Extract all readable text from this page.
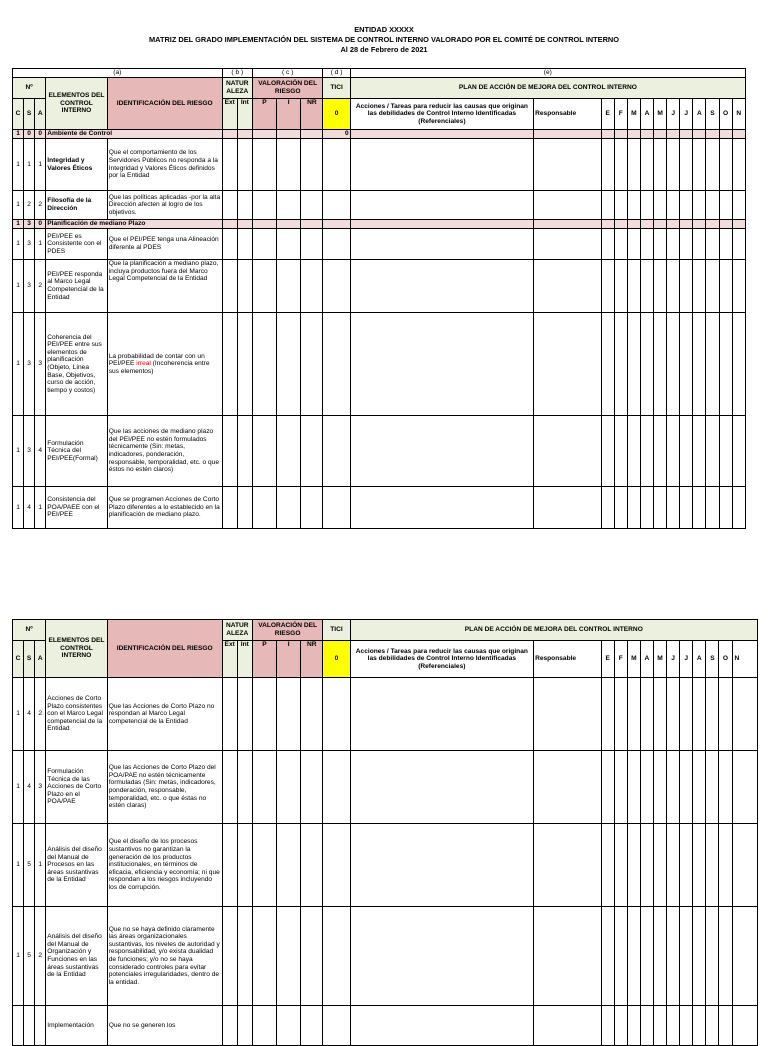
ENTIDAD XXXXX
MATRIZ DEL GRADO IMPLEMENTACIÓN DEL SISTEMA DE CONTROL INTERNO VALORADO POR EL COMITÉ DE CONTROL INTERNO
Al 28 de Febrero de 2021
(a)					( b )		( c )			( d )	(e)												
Nº			ELEMENTOS DEL CONTROL INTERNO	IDENTIFICACIÓN DEL RIESGO	NATUR ALEZA		VALORACIÓN DEL RIESGO			TICI	PLAN DE ACCIÓN DE MEJORA DEL CONTROL INTERNO												
C	S	A			Ext	Int	P	I	NR	0	Acciones / Tareas para reducir las causas que originan las debilidades de Control Interno Identificadas (Referenciales)	Responsable	E	F	M	A	M	J	J	A	S	O	N
1	0	0	Ambiente de Control							0													
1	1	1	Integridad y Valores Éticos	Que el comportamiento de los Servidores Públicos no responda a la Integridad y Valores Éticos definidos por la Entidad																			
1	2	2	Filosofía de la Dirección	Que las políticas aplicadas -por la alta Dirección afecten al logro de los objetivos.																			
1	3	0	Planificación de mediano Plazo																				
1	3	1	PEI/PEE es Consistente con el PDES	Que el PEI/PEE tenga una Alineación diferente al PDES																			
1	3	2	PEI/PEE responda al Marco Legal Competencial de la Entidad	Que la planificación a mediano plazo, incluya productos fuera del Marco Legal Competencial de la Entidad																			
1	3	3	Coherencia del PEI/PEE entre sus elementos de planificación (Objeto, Línea Base, Objetivos, curso de acción, tiempo y costos)	La probabilidad de contar con un PEI/PEE irreal (Incoherencia entre sus elementos)																			
1	3	4	Formulación Técnica del PEI/PEE(Formal)	Que las acciones de mediano plazo del PEI/PEE no estén formulados técnicamente (Sin: metas, indicadores, ponderación, responsable, temporalidad, etc. o que éstos no estén claros)																			
1	4	1	Consistencia del POA/PAEE con el PEI/PEE	Que se programen Acciones de Corto Plazo diferentes a lo establecido en la planificación de mediano plazo.																			
Nº			ELEMENTOS DEL CONTROL INTERNO	IDENTIFICACIÓN DEL RIESGO	NATUR ALEZA		VALORACIÓN DEL RIESGO			TICI	PLAN DE ACCIÓN DE MEJORA DEL CONTROL INTERNO												
C	S	A			Ext	Int	P	I	NR	0	Acciones / Tareas para reducir las causas que originan las debilidades de Control Interno Identificadas (Referenciales)	Responsable	E	F	M	A	M	J	J	A	S	O	N
1	4	2	Acciones de Corto Plazo consistentes con el Marco Legal competencial de la Entidad	Que las Acciones de Corto Plazo no respondan al Marco Legal competencial de la Entidad																			
1	4	3	Formulación Técnica de las Acciones de Corto Plazo en el POA/PAE	Que las Acciones de Corto Plazo del POA/PAE no estén técnicamente formuladas (Sin: metas, indicadores, ponderación, responsable, temporalidad, etc. o que éstas no estén claras)																			
1	5	1	Análisis del diseño del Manual de Procesos en las áreas sustantivas de la Entidad	Que el diseño de los procesos sustantivos no garantizan la generación de los productos institucionales, en términos de eficacia, eficiencia y economía; ni que respondan a los riesgos incluyendo los de corrupción.																			
1	5	2	Análisis del diseño del Manual de Organización y Funciones en las áreas sustantivas de la Entidad	Que no se haya definido claramente las áreas organizacionales sustantivas, los niveles de autoridad y responsabilidad, y/o exista dualidad de funciones; y/o no se haya considerado controles para evitar potenciales irregularidades, dentro de la entidad.																			
			Implementación	Que no se generen los																			
